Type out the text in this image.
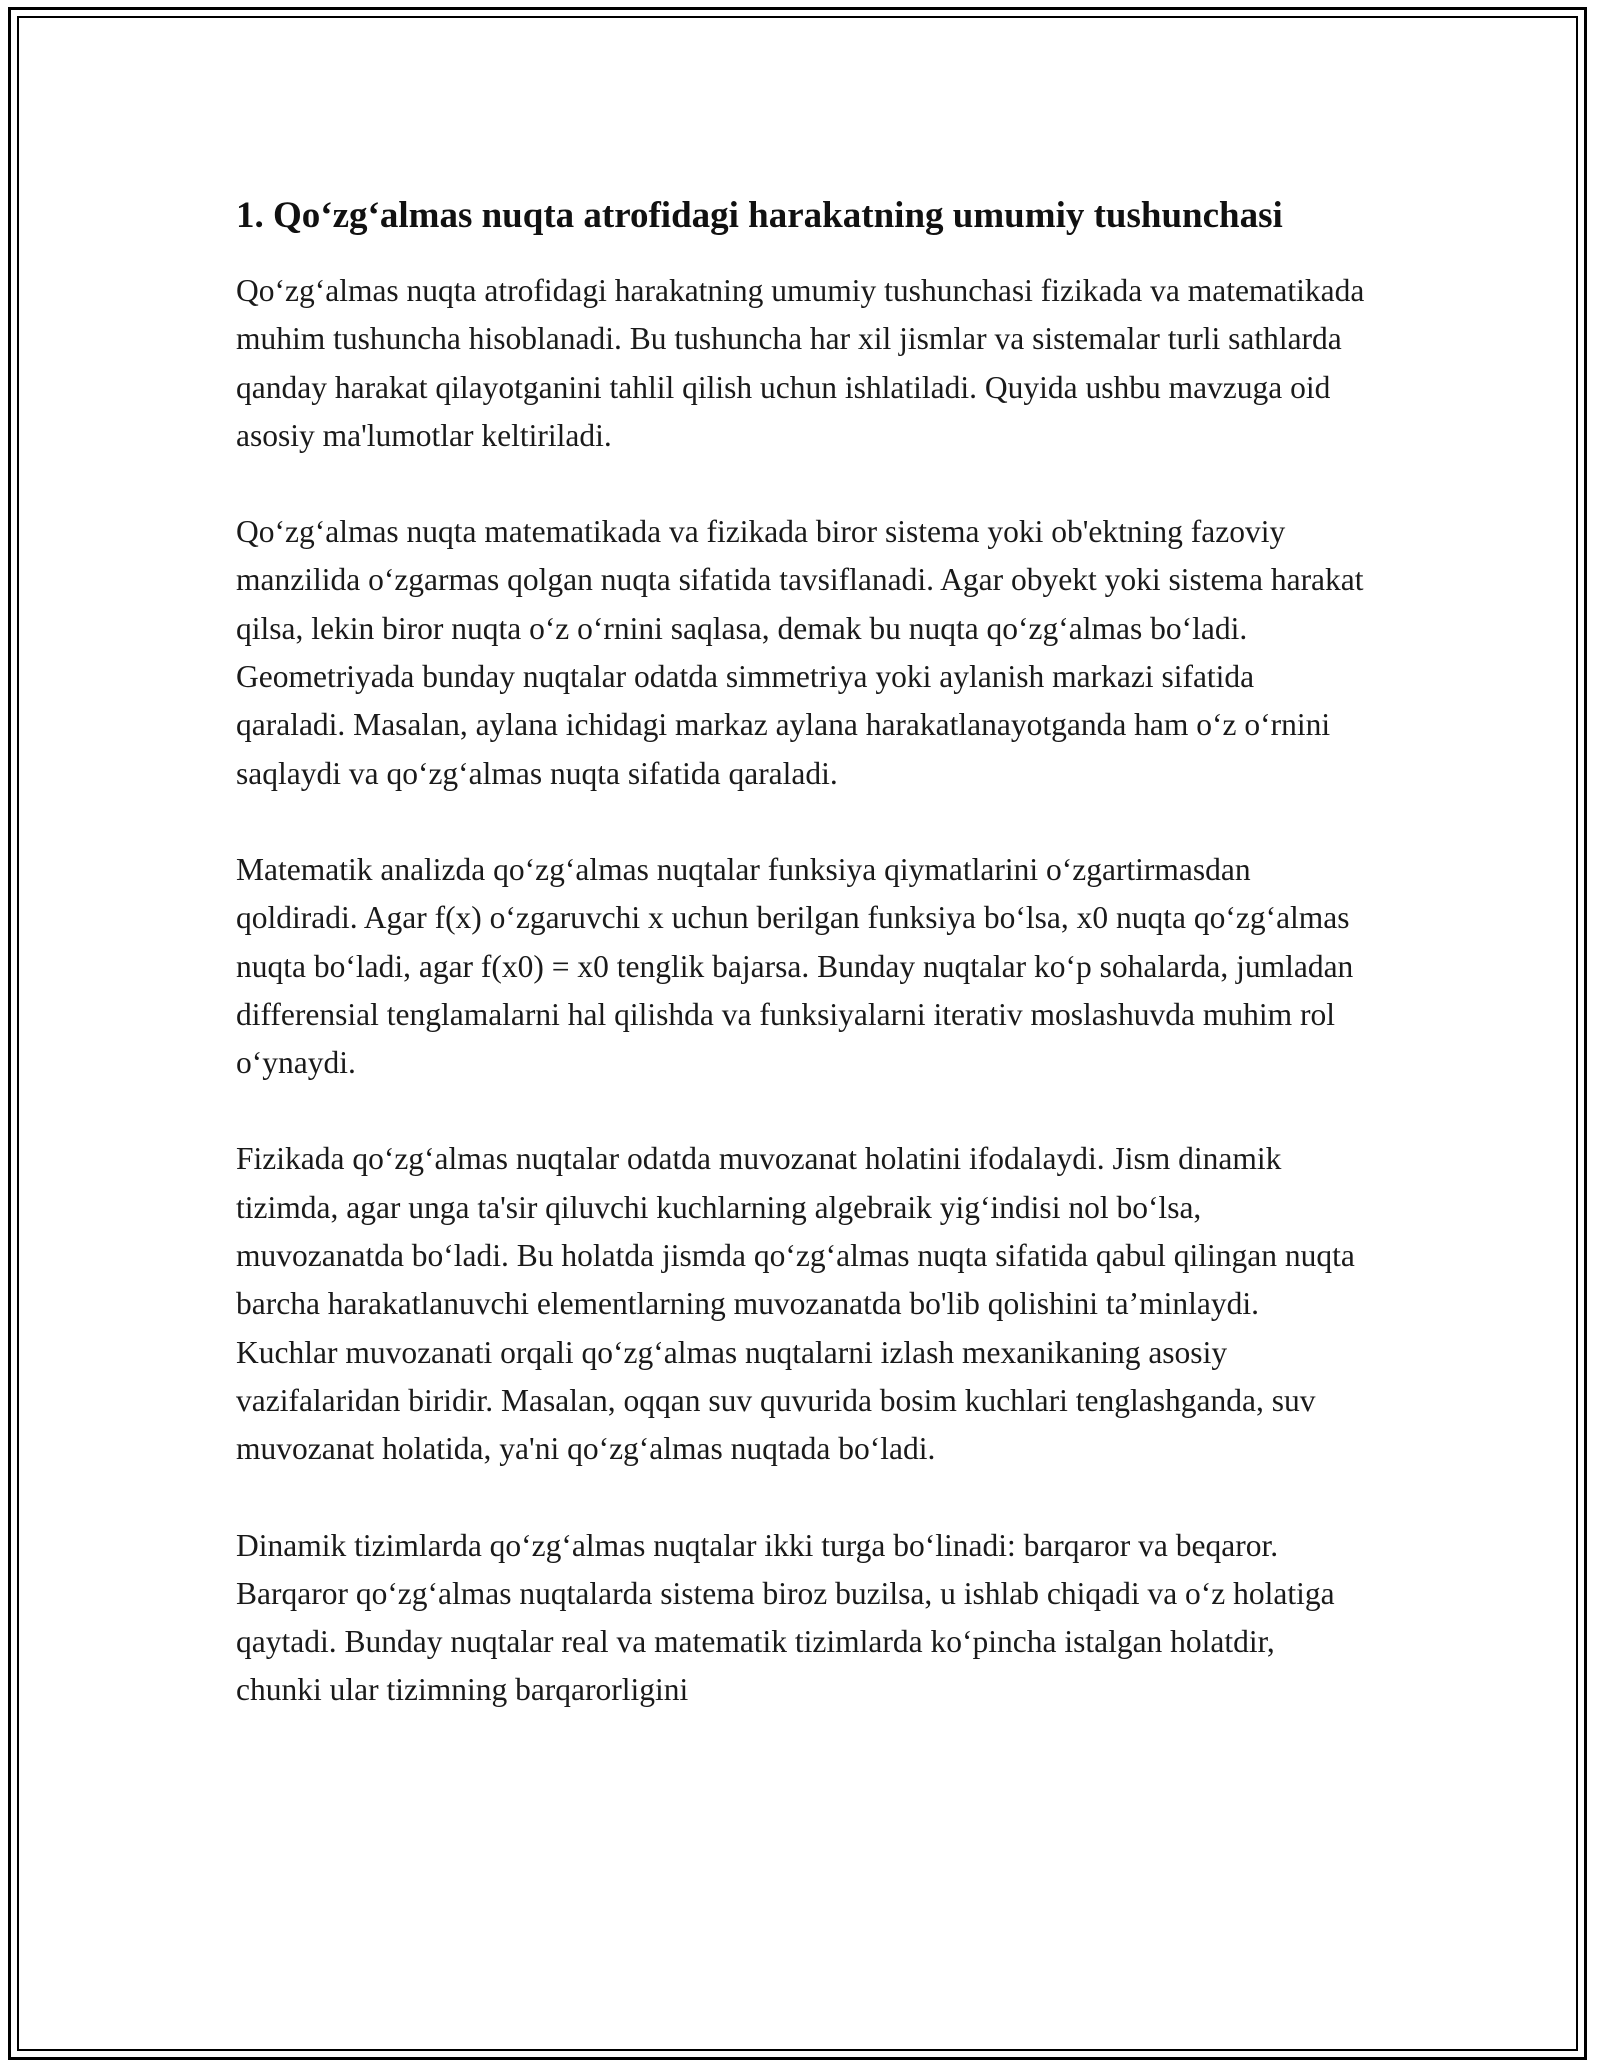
1. Qo‘zg‘almas nuqta atrofidagi harakatning umumiy tushunchasi

Qo‘zg‘almas nuqta atrofidagi harakatning umumiy tushunchasi fizikada va matematikada muhim tushuncha hisoblanadi. Bu tushuncha har xil jismlar va sistemalar turli sathlarda qanday harakat qilayotganini tahlil qilish uchun ishlatiladi. Quyida ushbu mavzuga oid asosiy ma'lumotlar keltiriladi.

Qo‘zg‘almas nuqta matematikada va fizikada biror sistema yoki ob'ektning fazoviy manzilida o‘zgarmas qolgan nuqta sifatida tavsiflanadi. Agar obyekt yoki sistema harakat qilsa, lekin biror nuqta o‘z o‘rnini saqlasa, demak bu nuqta qo‘zg‘almas bo‘ladi. Geometriyada bunday nuqtalar odatda simmetriya yoki aylanish markazi sifatida qaraladi. Masalan, aylana ichidagi markaz aylana harakatlanayotganda ham o‘z o‘rnini saqlaydi va qo‘zg‘almas nuqta sifatida qaraladi.

Matematik analizda qo‘zg‘almas nuqtalar funksiya qiymatlarini o‘zgartirmasdan qoldiradi. Agar f(x) o‘zgaruvchi x uchun berilgan funksiya bo‘lsa, x0 nuqta qo‘zg‘almas nuqta bo‘ladi, agar f(x0) = x0 tenglik bajarsa. Bunday nuqtalar ko‘p sohalarda, jumladan differensial tenglamalarni hal qilishda va funksiyalarni iterativ moslashuvda muhim rol o‘ynaydi.

Fizikada qo‘zg‘almas nuqtalar odatda muvozanat holatini ifodalaydi. Jism dinamik tizimda, agar unga ta'sir qiluvchi kuchlarning algebraik yig‘indisi nol bo‘lsa, muvozanatda bo‘ladi. Bu holatda jismda qo‘zg‘almas nuqta sifatida qabul qilingan nuqta barcha harakatlanuvchi elementlarning muvozanatda bo'lib qolishini ta’minlaydi. Kuchlar muvozanati orqali qo‘zg‘almas nuqtalarni izlash mexanikaning asosiy vazifalaridan biridir. Masalan, oqqan suv quvurida bosim kuchlari tenglashganda, suv muvozanat holatida, ya'ni qo‘zg‘almas nuqtada bo‘ladi.

Dinamik tizimlarda qo‘zg‘almas nuqtalar ikki turga bo‘linadi: barqaror va beqaror. Barqaror qo‘zg‘almas nuqtalarda sistema biroz buzilsa, u ishlab chiqadi va o‘z holatiga qaytadi. Bunday nuqtalar real va matematik tizimlarda ko‘pincha istalgan holatdir, chunki ular tizimning barqarorligini
